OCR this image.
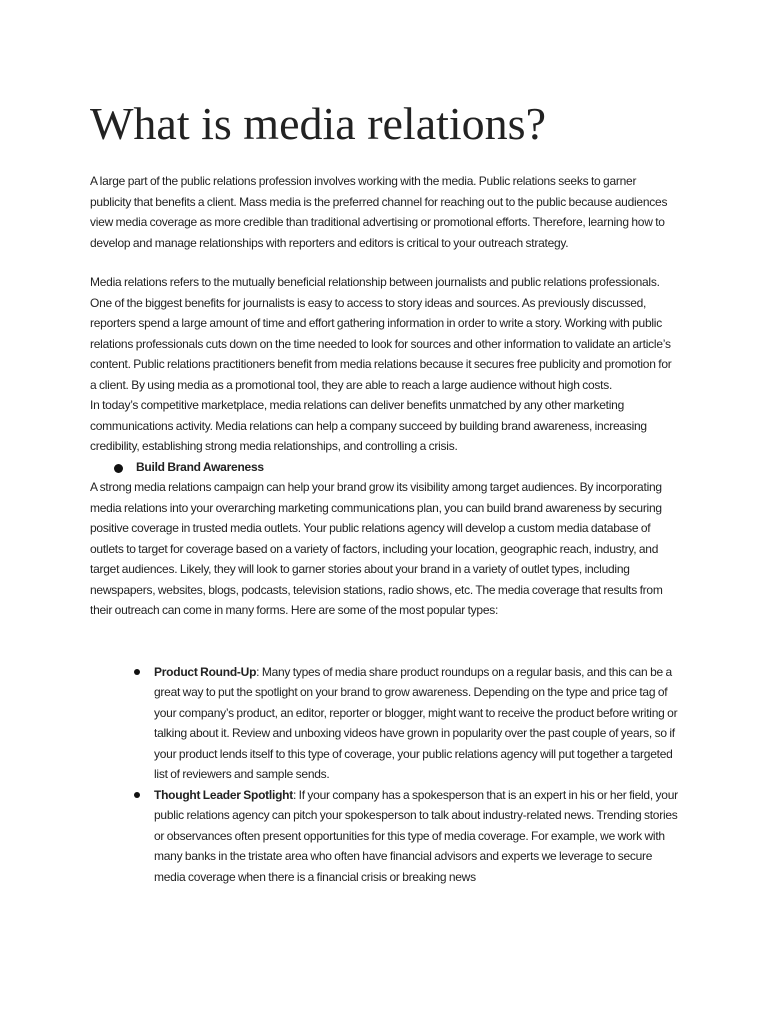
What is media relations?

A large part of the public relations profession involves working with the media. Public relations seeks to garner publicity that benefits a client. Mass media is the preferred channel for reaching out to the public because audiences view media coverage as more credible than traditional advertising or promotional efforts. Therefore, learning how to develop and manage relationships with reporters and editors is critical to your outreach strategy.

Media relations refers to the mutually beneficial relationship between journalists and public relations professionals. One of the biggest benefits for journalists is easy to access to story ideas and sources. As previously discussed, reporters spend a large amount of time and effort gathering information in order to write a story. Working with public relations professionals cuts down on the time needed to look for sources and other information to validate an article’s content. Public relations practitioners benefit from media relations because it secures free publicity and promotion for a client. By using media as a promotional tool, they are able to reach a large audience without high costs.

In today’s competitive marketplace, media relations can deliver benefits unmatched by any other marketing communications activity. Media relations can help a company succeed by building brand awareness, increasing credibility, establishing strong media relationships, and controlling a crisis.

Build Brand Awareness

A strong media relations campaign can help your brand grow its visibility among target audiences. By incorporating media relations into your overarching marketing communications plan, you can build brand awareness by securing positive coverage in trusted media outlets. Your public relations agency will develop a custom media database of outlets to target for coverage based on a variety of factors, including your location, geographic reach, industry, and target audiences. Likely, they will look to garner stories about your brand in a variety of outlet types, including newspapers, websites, blogs, podcasts, television stations, radio shows, etc. The media coverage that results from their outreach can come in many forms. Here are some of the most popular types:

Product Round-Up: Many types of media share product roundups on a regular basis, and this can be a great way to put the spotlight on your brand to grow awareness. Depending on the type and price tag of your company’s product, an editor, reporter or blogger, might want to receive the product before writing or talking about it. Review and unboxing videos have grown in popularity over the past couple of years, so if your product lends itself to this type of coverage, your public relations agency will put together a targeted list of reviewers and sample sends.
Thought Leader Spotlight: If your company has a spokesperson that is an expert in his or her field, your public relations agency can pitch your spokesperson to talk about industry-related news. Trending stories or observances often present opportunities for this type of media coverage. For example, we work with many banks in the tristate area who often have financial advisors and experts we leverage to secure media coverage when there is a financial crisis or breaking news
